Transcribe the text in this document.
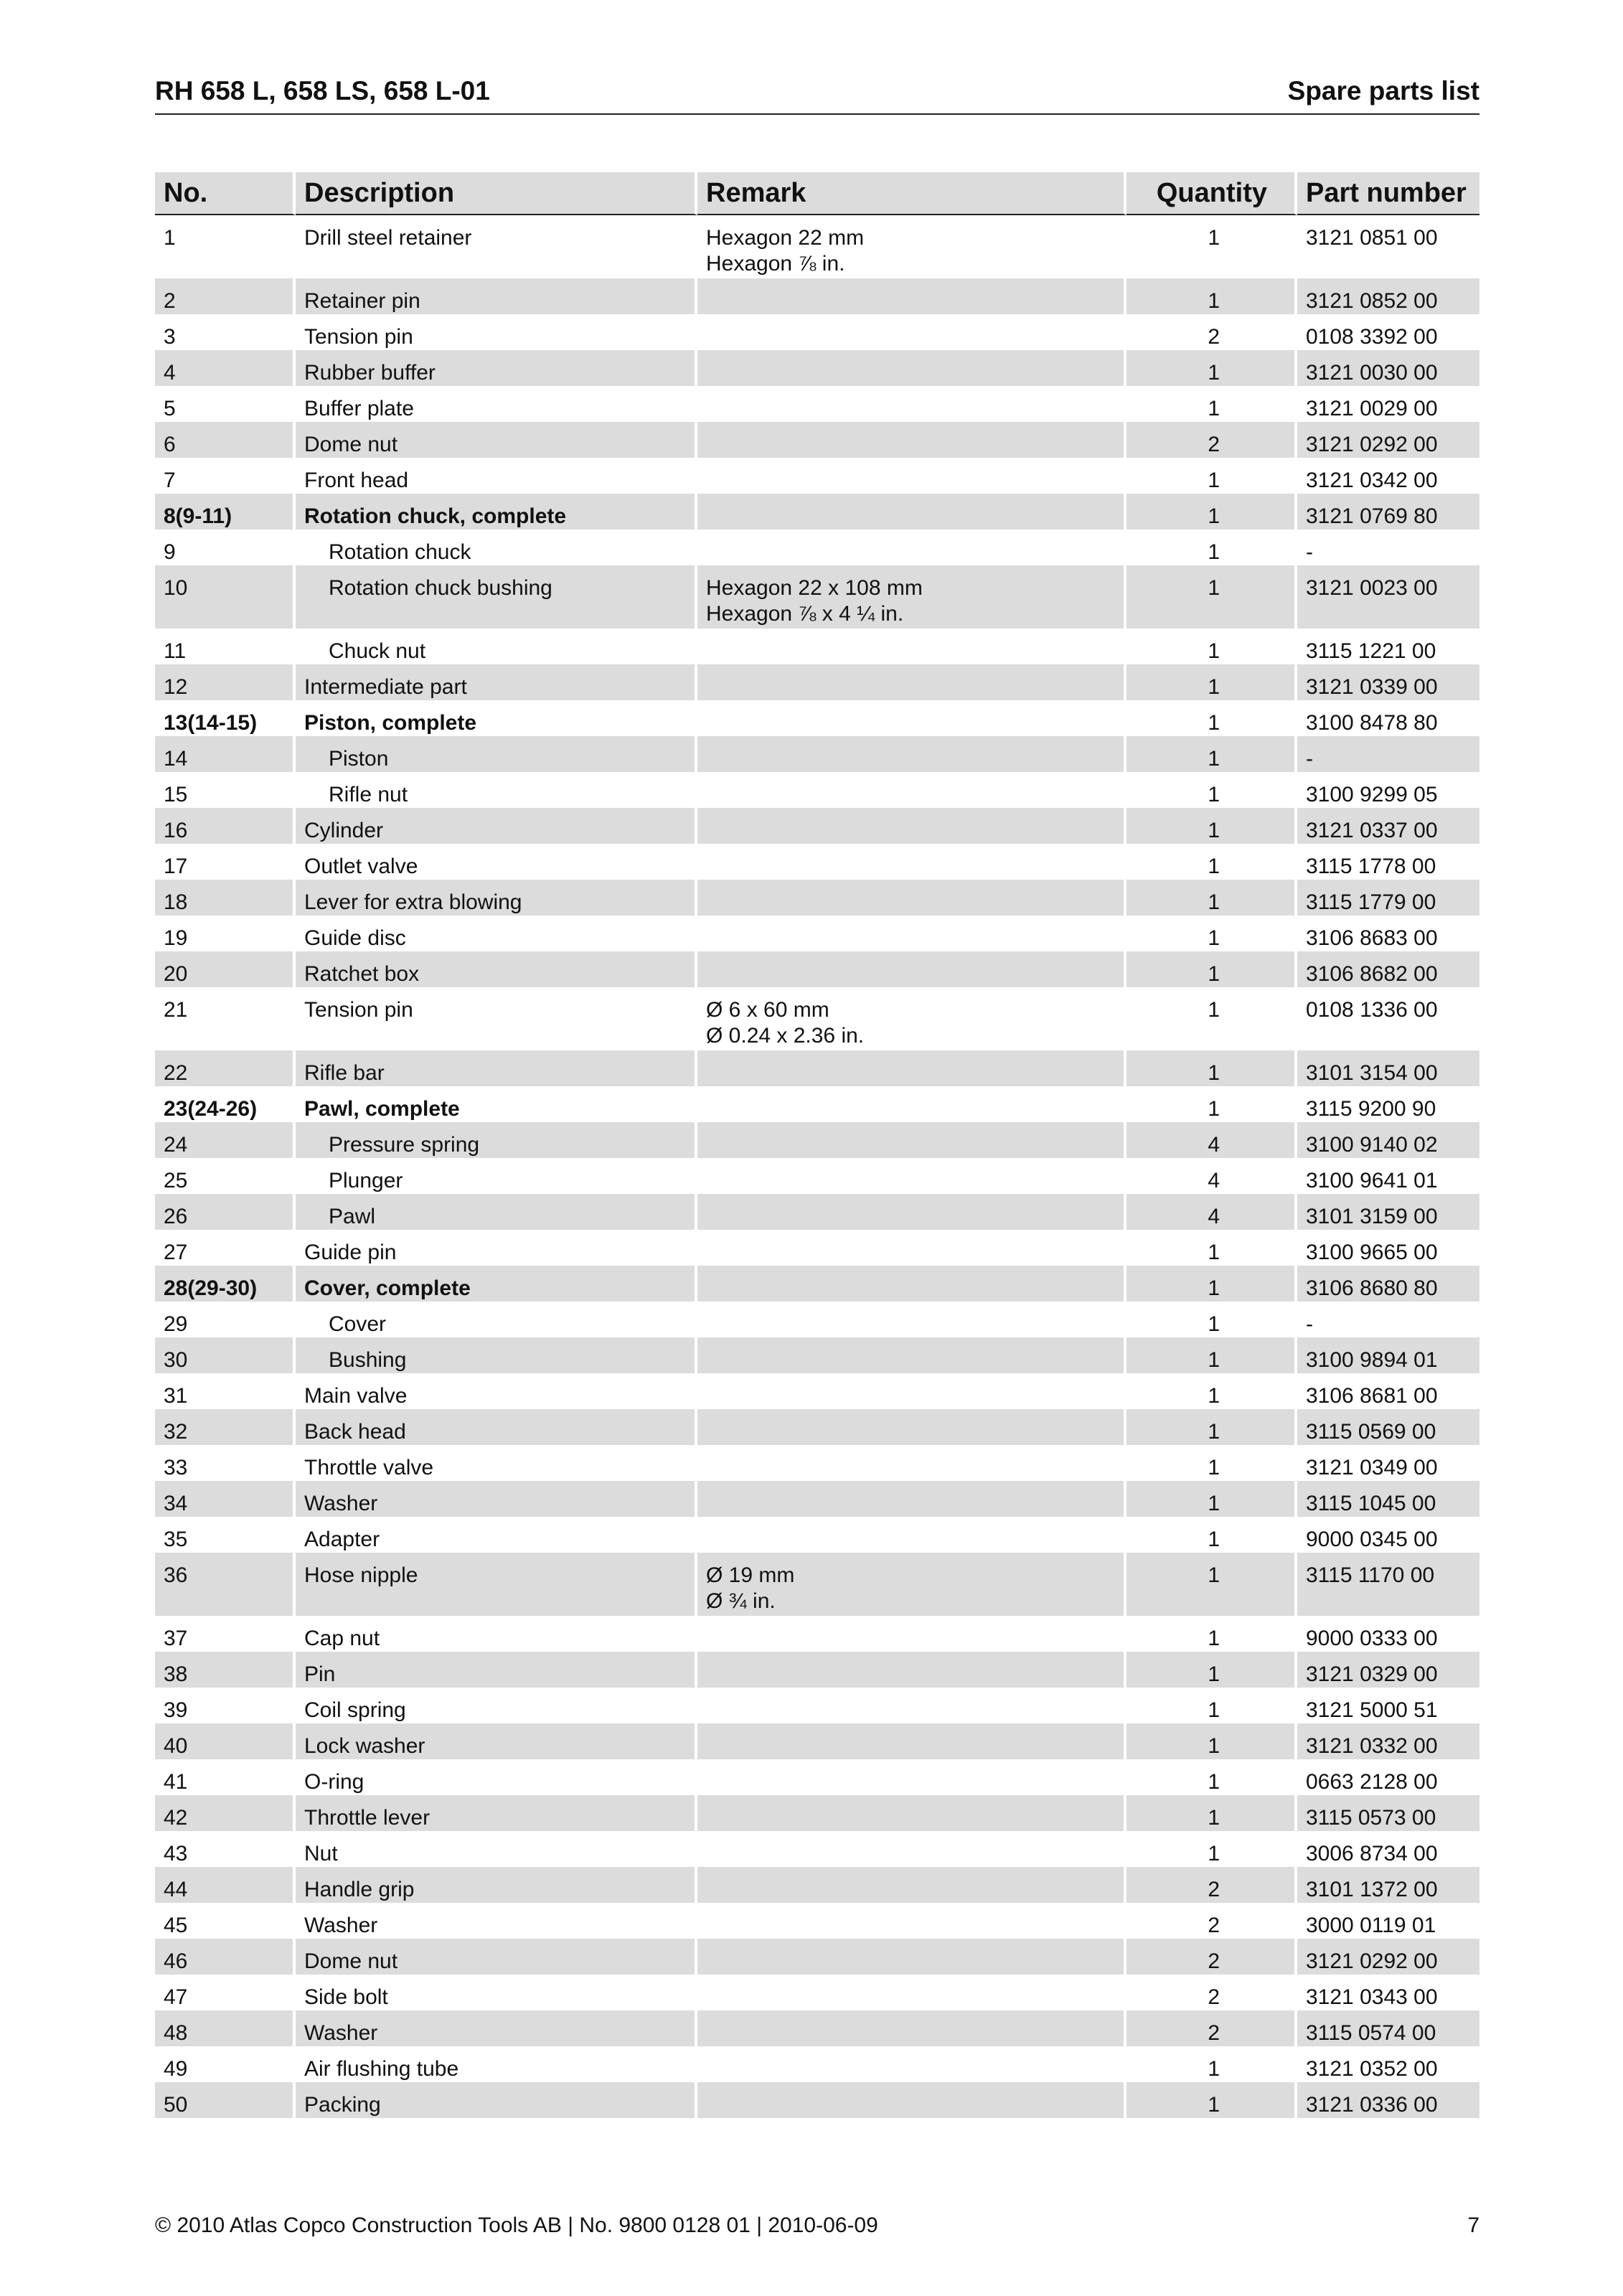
RH 658 L, 658 LS, 658 L-01	Spare parts list
No.	Description	Remark	Quantity	Part number
1	Drill steel retainer	Hexagon 22 mm
Hexagon ⅞ in.	1	3121 0851 00
2	Retainer pin		1	3121 0852 00
3	Tension pin		2	0108 3392 00
4	Rubber buffer		1	3121 0030 00
5	Buffer plate		1	3121 0029 00
6	Dome nut		2	3121 0292 00
7	Front head		1	3121 0342 00
8(9-11)	Rotation chuck, complete		1	3121 0769 80
9	Rotation chuck		1	-
10	Rotation chuck bushing	Hexagon 22 x 108 mm
Hexagon ⅞ x 4 ¼ in.	1	3121 0023 00
11	Chuck nut		1	3115 1221 00
12	Intermediate part		1	3121 0339 00
13(14-15)	Piston, complete		1	3100 8478 80
14	Piston		1	-
15	Rifle nut		1	3100 9299 05
16	Cylinder		1	3121 0337 00
17	Outlet valve		1	3115 1778 00
18	Lever for extra blowing		1	3115 1779 00
19	Guide disc		1	3106 8683 00
20	Ratchet box		1	3106 8682 00
21	Tension pin	Ø 6 x 60 mm
Ø 0.24 x 2.36 in.	1	0108 1336 00
22	Rifle bar		1	3101 3154 00
23(24-26)	Pawl, complete		1	3115 9200 90
24	Pressure spring		4	3100 9140 02
25	Plunger		4	3100 9641 01
26	Pawl		4	3101 3159 00
27	Guide pin		1	3100 9665 00
28(29-30)	Cover, complete		1	3106 8680 80
29	Cover		1	-
30	Bushing		1	3100 9894 01
31	Main valve		1	3106 8681 00
32	Back head		1	3115 0569 00
33	Throttle valve		1	3121 0349 00
34	Washer		1	3115 1045 00
35	Adapter		1	9000 0345 00
36	Hose nipple	Ø 19 mm
Ø ¾ in.	1	3115 1170 00
37	Cap nut		1	9000 0333 00
38	Pin		1	3121 0329 00
39	Coil spring		1	3121 5000 51
40	Lock washer		1	3121 0332 00
41	O-ring		1	0663 2128 00
42	Throttle lever		1	3115 0573 00
43	Nut		1	3006 8734 00
44	Handle grip		2	3101 1372 00
45	Washer		2	3000 0119 01
46	Dome nut		2	3121 0292 00
47	Side bolt		2	3121 0343 00
48	Washer		2	3115 0574 00
49	Air flushing tube		1	3121 0352 00
50	Packing		1	3121 0336 00
© 2010 Atlas Copco Construction Tools AB | No. 9800 0128 01 | 2010-06-09	7
